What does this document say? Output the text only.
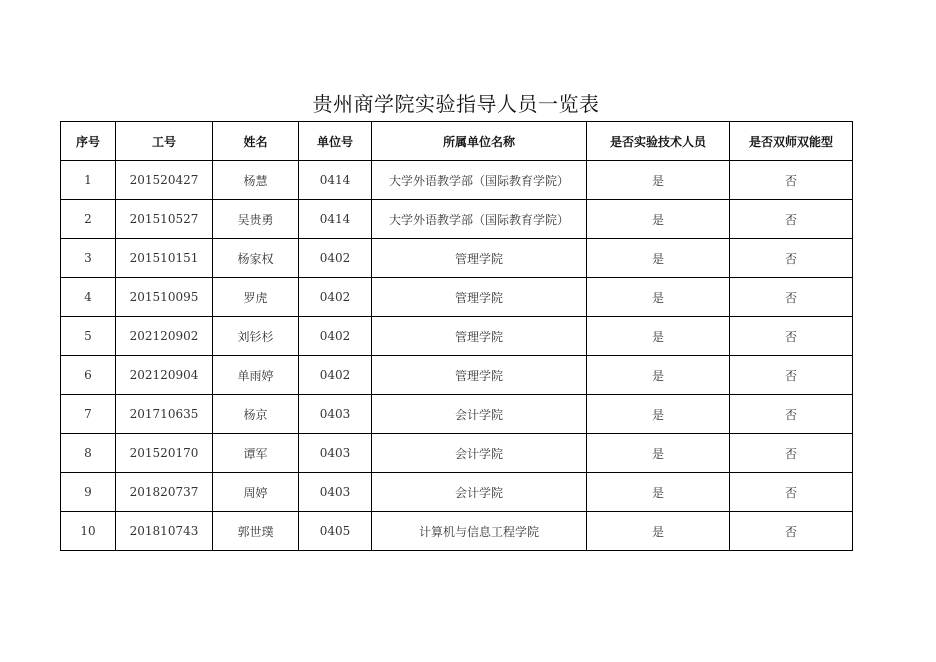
贵州商学院实验指导人员一览表
序号	工号	姓名	单位号	所属单位名称	是否实验技术人员	是否双师双能型
1	201520427	杨慧	0414	大学外语教学部（国际教育学院）	是	否
2	201510527	吴贵勇	0414	大学外语教学部（国际教育学院）	是	否
3	201510151	杨家权	0402	管理学院	是	否
4	201510095	罗虎	0402	管理学院	是	否
5	202120902	刘钐杉	0402	管理学院	是	否
6	202120904	单雨婷	0402	管理学院	是	否
7	201710635	杨京	0403	会计学院	是	否
8	201520170	谭军	0403	会计学院	是	否
9	201820737	周婷	0403	会计学院	是	否
10	201810743	郭世璞	0405	计算机与信息工程学院	是	否
